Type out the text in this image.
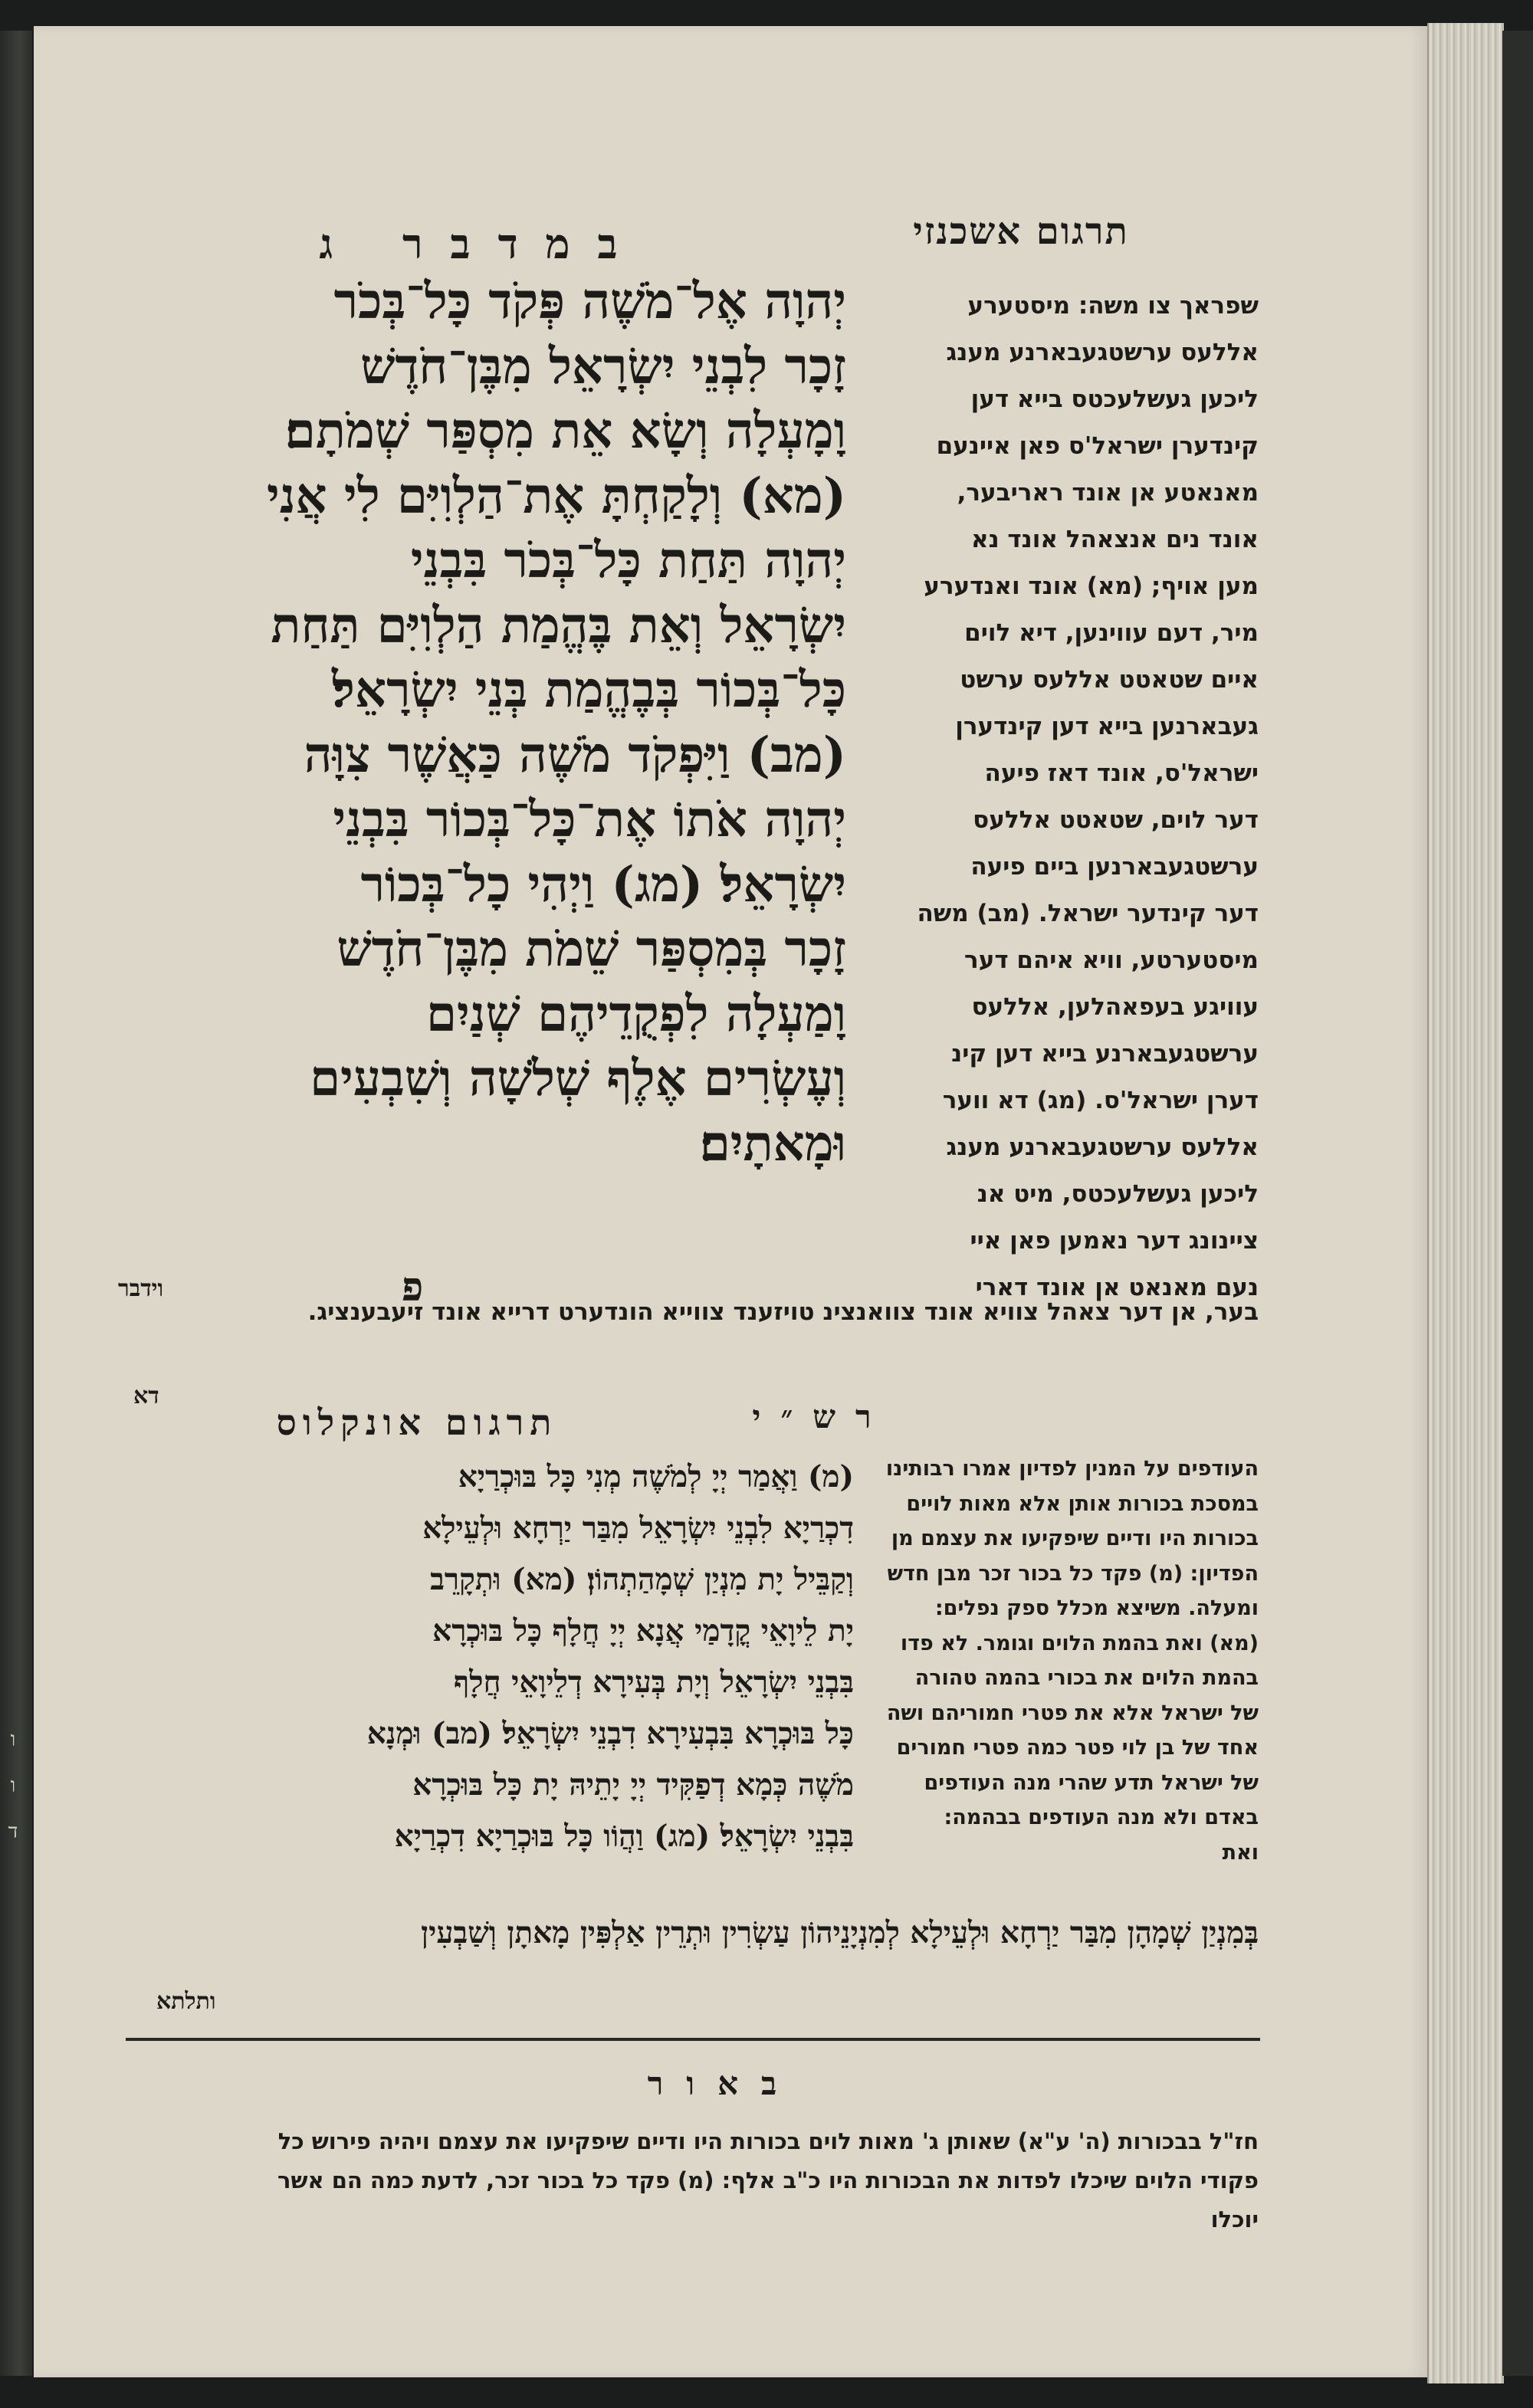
ו
ו
ד
תרגום אשכנזי
במדבר ג
שפראך צו משה: מיסטערע
אללעס ערשטגעבארנע מענג
ליכען געשלעכטס בייא דען
קינדערן ישראל'ס פאן איינעם
מאנאטע אן אונד ראריבער,
אונד נים אנצאהל אונד נא
מען אויף; (מא) אונד ואנדערע
מיר, דעם עווינען, דיא לוים
איים שטאטט אללעס ערשט
געבארנען בייא דען קינדערן
ישראל'ס, אונד דאז פיעה
דער לוים, שטאטט אללעס
ערשטגעבארנען ביים פיעה
דער קינדער ישראל. (מב) משה
מיסטערטע, וויא איהם דער
עוויגע בעפאהלען, אללעס
ערשטגעבארנע בייא דען קינ
דערן ישראל'ס. (מג) דא ווער
אללעס ערשטגעבארנע מענג
ליכען געשלעכטס, מיט אנ
ציינונג דער נאמען פאן איי
נעם מאנאט אן אונד דארי
בער, אן דער צאהל צוויא אונד צוואנצינ טויזענד צווייא הונדערט דרייא אונד זיעבענציג.
יְהוָה אֶל־מֹשֶׁה פְּקֹד כָּל־בְּכֹר
זָכָר לִבְנֵי יִשְׂרָאֵל מִבֶּן־חֹדֶשׁ
וָמָעְלָה וְשָׂא אֵת מִסְפַּר שְׁמֹתָם׃
(מא) וְלָקַחְתָּ אֶת־הַלְוִיִּם לִי אֲנִי
יְהוָה תַּחַת כָּל־בְּכֹר בִּבְנֵי
יִשְׂרָאֵל וְאֵת בֶּהֱמַת הַלְוִיִּם תַּחַת
כָּל־בְּכוֹר בְּבֶהֱמַת בְּנֵי יִשְׂרָאֵל׃
(מב) וַיִּפְקֹד מֹשֶׁה כַּאֲשֶׁר צִוָּה
יְהוָה אֹתוֹ אֶת־כָּל־בְּכוֹר בִּבְנֵי
יִשְׂרָאֵל׃ (מג) וַיְהִי כָל־בְּכוֹר
זָכָר בְּמִסְפַּר שֵׁמֹת מִבֶּן־חֹדֶשׁ
וָמַעְלָה לִפְקֻדֵיהֶם שְׁנַיִם
וְעֶשְׂרִים אֶלֶף שְׁלֹשָׁה וְשִׁבְעִים
וּמָאתָיִם׃
פ
וידבר
רש״י
תרגום אונקלוס
דא
העודפים על המנין לפדיון אמרו רבותינו
במסכת בכורות אותן אלא מאות לויים
בכורות היו ודיים שיפקיעו את עצמם מן
הפדיון: (מ) פקד כל בכור זכר מבן חדש
ומעלה. משיצא מכלל ספק נפלים:
(מא) ואת בהמת הלוים וגומר. לא פדו
בהמת הלוים את בכורי בהמה טהורה
של ישראל אלא את פטרי חמוריהם ושה
אחד של בן לוי פטר כמה פטרי חמורים
של ישראל תדע שהרי מנה העודפים
באדם ולא מנה העודפים בבהמה:
ואת
(מ) וַאֲמַר יְיָ לְמֹשֶׁה מְנִי כָּל בּוּכְרַיָא
דִכְרַיָא לִבְנֵי יִשְׂרָאֵל מִבַּר יַרְחָא וּלְעֵילָא
וְקַבֵּיל יָת מִנְיַן שְׁמָהַתְהוֹן׃ (מא) וּתְקָרֵב
יָת לֵיוָאֵי קֳדָמַי אֲנָא יְיָ חֲלָף כָּל בּוּכְרָא
בִּבְנֵי יִשְׂרָאֵל וְיָת בְּעִירָא דְלֵיוָאֵי חֲלָף
כָּל בּוּכְרָא בִּבְעִירָא דִבְנֵי יִשְׂרָאֵל׃ (מב) וּמְנָא
מֹשֶׁה כְּמָא דְפַקִּיד יְיָ יָתֵיהּ יָת כָּל בּוּכְרָא
בִּבְנֵי יִשְׂרָאֵל׃ (מג) וַהֲוֹו כָּל בּוּכְרַיָא דִכְרַיָא
בְּמִנְיַן שְׁמָהָן מִבַּר יַרְחָא וּלְעֵילָא לְמִנְיָנֵיהוֹן עַשְׂרִין וּתְרֵין אַלְפִּין מָאתָן וְשַׁבְעִין
ותלתא
באור
חז"ל בבכורות (ה' ע"א) שאותן ג' מאות לוים בכורות היו ודיים שיפקיעו את עצמם ויהיה פירוש כל
פקודי הלוים שיכלו לפדות את הבכורות היו כ"ב אלף: (מ) פקד כל בכור זכר, לדעת כמה הם אשר
יוכלו
